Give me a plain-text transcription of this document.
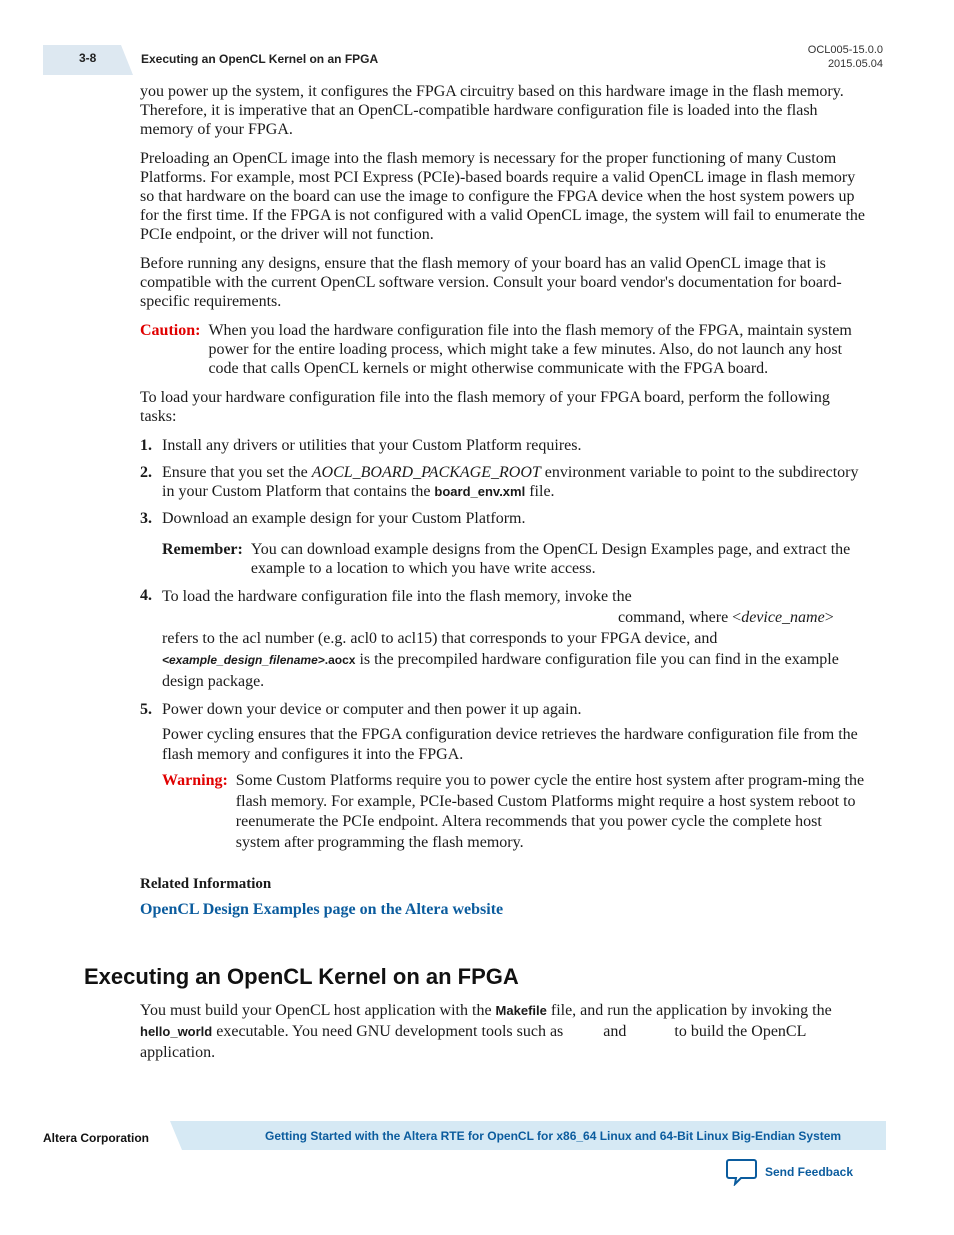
3-8	Executing an OpenCL Kernel on an FPGA
OCL005-15.0.0
2015.05.04

you power up the system, it configures the FPGA circuitry based on this hardware image in the flash memory. Therefore, it is imperative that an OpenCL-compatible hardware configuration file is loaded into the flash memory of your FPGA.

Preloading an OpenCL image into the flash memory is necessary for the proper functioning of many Custom Platforms. For example, most PCI Express (PCIe)-based boards require a valid OpenCL image in flash memory so that hardware on the board can use the image to configure the FPGA device when the host system powers up for the first time. If the FPGA is not configured with a valid OpenCL image, the system will fail to enumerate the PCIe endpoint, or the driver will not function.

Before running any designs, ensure that the flash memory of your board has an valid OpenCL image that is compatible with the current OpenCL software version. Consult your board vendor's documentation for board-specific requirements.

Caution: When you load the hardware configuration file into the flash memory of the FPGA, maintain system power for the entire loading process, which might take a few minutes. Also, do not launch any host code that calls OpenCL kernels or might otherwise communicate with the FPGA board.

To load your hardware configuration file into the flash memory of your FPGA board, perform the following tasks:

1. Install any drivers or utilities that your Custom Platform requires.
2. Ensure that you set the AOCL_BOARD_PACKAGE_ROOT environment variable to point to the subdirectory in your Custom Platform that contains the board_env.xml file.
3. Download an example design for your Custom Platform.

Remember: You can download example designs from the OpenCL Design Examples page, and extract the example to a location to which you have write access.
4. To load the hardware configuration file into the flash memory, invoke the
command, where <device_name>
refers to the acl number (e.g. acl0 to acl15) that corresponds to your FPGA device, and
<example_design_filename>.aocx is the precompiled hardware configuration file you can find in the example design package.
5. Power down your device or computer and then power it up again.

Power cycling ensures that the FPGA configuration device retrieves the hardware configuration file from the flash memory and configures it into the FPGA.

Warning: Some Custom Platforms require you to power cycle the entire host system after program-ming the flash memory. For example, PCIe-based Custom Platforms might require a host system reboot to reenumerate the PCIe endpoint. Altera recommends that you power cycle the complete host system after programming the flash memory.
Related Information

OpenCL Design Examples page on the Altera website

Executing an OpenCL Kernel on an FPGA
You must build your OpenCL host application with the Makefile file, and run the application by invoking the hello_world executable. You need GNU development tools such as	and	to build the OpenCL application.
Altera Corporation	Getting Started with the Altera RTE for OpenCL for x86_64 Linux and 64-Bit Linux Big-Endian System
Send Feedback
